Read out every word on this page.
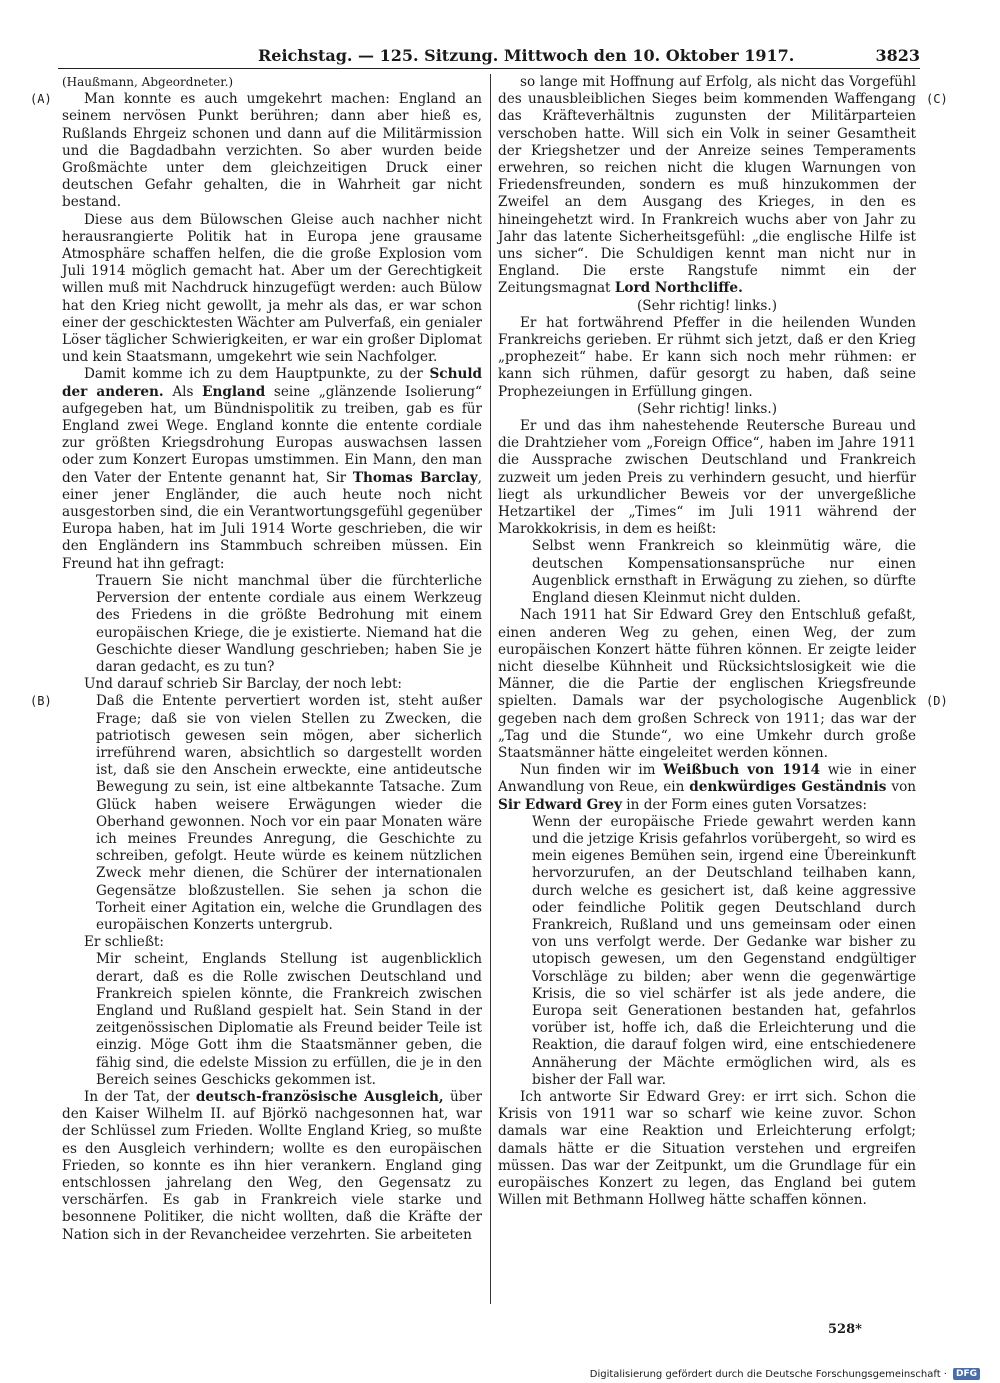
Reichstag. — 125. Sitzung. Mittwoch den 10. Oktober 1917.	3823
(A)
(B)
(C)
(D)

(Haußmann, Abgeordneter.)

Man konnte es auch umgekehrt machen: England an seinem nervösen Punkt berühren; dann aber hieß es, Rußlands Ehrgeiz schonen und dann auf die Militärmission und die Bagdadbahn verzichten. So aber wurden beide Großmächte unter dem gleichzeitigen Druck einer deutschen Gefahr gehalten, die in Wahrheit gar nicht bestand.

Diese aus dem Bülowschen Gleise auch nachher nicht herausrangierte Politik hat in Europa jene grausame Atmosphäre schaffen helfen, die die große Explosion vom Juli 1914 möglich gemacht hat. Aber um der Gerechtigkeit willen muß mit Nachdruck hinzugefügt werden: auch Bülow hat den Krieg nicht gewollt, ja mehr als das, er war schon einer der geschicktesten Wächter am Pulverfaß, ein genialer Löser täglicher Schwierigkeiten, er war ein großer Diplomat und kein Staatsmann, umgekehrt wie sein Nachfolger.

Damit komme ich zu dem Hauptpunkte, zu der Schuld der anderen. Als England seine „glänzende Isolierung“ aufgegeben hat, um Bündnispolitik zu treiben, gab es für England zwei Wege. England konnte die entente cordiale zur größten Kriegsdrohung Europas auswachsen lassen oder zum Konzert Europas umstimmen. Ein Mann, den man den Vater der Entente genannt hat, Sir Thomas Barclay, einer jener Engländer, die auch heute noch nicht ausgestorben sind, die ein Verantwortungsgefühl gegenüber Europa haben, hat im Juli 1914 Worte geschrieben, die wir den Engländern ins Stammbuch schreiben müssen. Ein Freund hat ihn gefragt:

Trauern Sie nicht manchmal über die fürchterliche Perversion der entente cordiale aus einem Werkzeug des Friedens in die größte Bedrohung mit einem europäischen Kriege, die je existierte. Niemand hat die Geschichte dieser Wandlung geschrieben; haben Sie je daran gedacht, es zu tun?

Und darauf schrieb Sir Barclay, der noch lebt:

Daß die Entente pervertiert worden ist, steht außer Frage; daß sie von vielen Stellen zu Zwecken, die patriotisch gewesen sein mögen, aber sicherlich irreführend waren, absichtlich so dargestellt worden ist, daß sie den Anschein erweckte, eine antideutsche Bewegung zu sein, ist eine altbekannte Tatsache. Zum Glück haben weisere Erwägungen wieder die Oberhand gewonnen. Noch vor ein paar Monaten wäre ich meines Freundes Anregung, die Geschichte zu schreiben, gefolgt. Heute würde es keinem nützlichen Zweck mehr dienen, die Schürer der internationalen Gegensätze bloßzustellen. Sie sehen ja schon die Torheit einer Agitation ein, welche die Grundlagen des europäischen Konzerts untergrub.

Er schließt:

Mir scheint, Englands Stellung ist augenblicklich derart, daß es die Rolle zwischen Deutschland und Frankreich spielen könnte, die Frankreich zwischen England und Rußland gespielt hat. Sein Stand in der zeitgenössischen Diplomatie als Freund beider Teile ist einzig. Möge Gott ihm die Staatsmänner geben, die fähig sind, die edelste Mission zu erfüllen, die je in den Bereich seines Geschicks gekommen ist.

In der Tat, der deutsch-französische Ausgleich, über den Kaiser Wilhelm II. auf Björkö nachgesonnen hat, war der Schlüssel zum Frieden. Wollte England Krieg, so mußte es den Ausgleich verhindern; wollte es den europäischen Frieden, so konnte es ihn hier verankern. England ging entschlossen jahrelang den Weg, den Gegensatz zu verschärfen. Es gab in Frankreich viele starke und besonnene Politiker, die nicht wollten, daß die Kräfte der Nation sich in der Revancheidee verzehrten. Sie arbeiteten

so lange mit Hoffnung auf Erfolg, als nicht das Vorgefühl des unausbleiblichen Sieges beim kommenden Waffengang das Kräfteverhältnis zugunsten der Militärparteien verschoben hatte. Will sich ein Volk in seiner Gesamtheit der Kriegshetzer und der Anreize seines Temperaments erwehren, so reichen nicht die klugen Warnungen von Friedensfreunden, sondern es muß hinzukommen der Zweifel an dem Ausgang des Krieges, in den es hineingehetzt wird. In Frankreich wuchs aber von Jahr zu Jahr das latente Sicherheitsgefühl: „die englische Hilfe ist uns sicher“. Die Schuldigen kennt man nicht nur in England. Die erste Rangstufe nimmt ein der Zeitungsmagnat Lord Northcliffe.

(Sehr richtig! links.)

Er hat fortwährend Pfeffer in die heilenden Wunden Frankreichs gerieben. Er rühmt sich jetzt, daß er den Krieg „prophezeit“ habe. Er kann sich noch mehr rühmen: er kann sich rühmen, dafür gesorgt zu haben, daß seine Prophezeiungen in Erfüllung gingen.

(Sehr richtig! links.)

Er und das ihm nahestehende Reutersche Bureau und die Drahtzieher vom „Foreign Office“, haben im Jahre 1911 die Aussprache zwischen Deutschland und Frankreich zuzweit um jeden Preis zu verhindern gesucht, und hierfür liegt als urkundlicher Beweis vor der unvergeßliche Hetzartikel der „Times“ im Juli 1911 während der Marokkokrisis, in dem es heißt:

Selbst wenn Frankreich so kleinmütig wäre, die deutschen Kompensationsansprüche nur einen Augenblick ernsthaft in Erwägung zu ziehen, so dürfte England diesen Kleinmut nicht dulden.

Nach 1911 hat Sir Edward Grey den Entschluß gefaßt, einen anderen Weg zu gehen, einen Weg, der zum europäischen Konzert hätte führen können. Er zeigte leider nicht dieselbe Kühnheit und Rücksichtslosigkeit wie die Männer, die die Partie der englischen Kriegsfreunde spielten. Damals war der psychologische Augenblick gegeben nach dem großen Schreck von 1911; das war der „Tag und die Stunde“, wo eine Umkehr durch große Staatsmänner hätte eingeleitet werden können.

Nun finden wir im Weißbuch von 1914 wie in einer Anwandlung von Reue, ein denkwürdiges Geständnis von Sir Edward Grey in der Form eines guten Vorsatzes:

Wenn der europäische Friede gewahrt werden kann und die jetzige Krisis gefahrlos vorübergeht, so wird es mein eigenes Bemühen sein, irgend eine Übereinkunft hervorzurufen, an der Deutschland teilhaben kann, durch welche es gesichert ist, daß keine aggressive oder feindliche Politik gegen Deutschland durch Frankreich, Rußland und uns gemeinsam oder einen von uns verfolgt werde. Der Gedanke war bisher zu utopisch gewesen, um den Gegenstand endgültiger Vorschläge zu bilden; aber wenn die gegenwärtige Krisis, die so viel schärfer ist als jede andere, die Europa seit Generationen bestanden hat, gefahrlos vorüber ist, hoffe ich, daß die Erleichterung und die Reaktion, die darauf folgen wird, eine entschiedenere Annäherung der Mächte ermöglichen wird, als es bisher der Fall war.

Ich antworte Sir Edward Grey: er irrt sich. Schon die Krisis von 1911 war so scharf wie keine zuvor. Schon damals war eine Reaktion und Erleichterung erfolgt; damals hätte er die Situation verstehen und ergreifen müssen. Das war der Zeitpunkt, um die Grundlage für ein europäisches Konzert zu legen, das England bei gutem Willen mit Bethmann Hollweg hätte schaffen können.

528*
Digitalisierung gefördert durch die Deutsche Forschungsgemeinschaft ·	DFG
